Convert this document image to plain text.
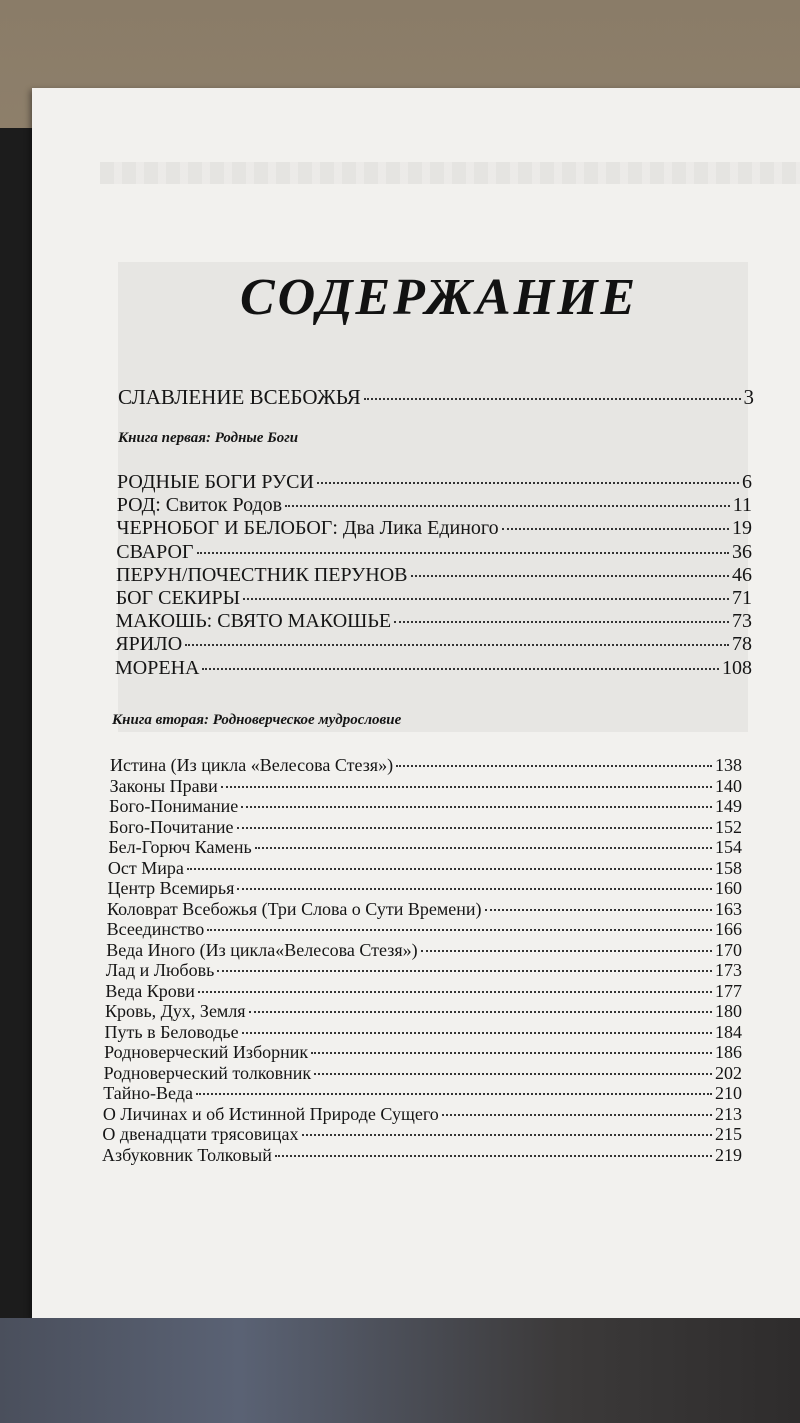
СОДЕРЖАНИЕ
СЛАВЛЕНИЕ ВСЕБОЖЬЯ	3
Книга первая: Родные Боги
РОДНЫЕ БОГИ РУСИ	6
РОД: Свиток Родов	11
ЧЕРНОБОГ И БЕЛОБОГ: Два Лика Единого	19
СВАРОГ	36
ПЕРУН/ПОЧЕСТНИК ПЕРУНОВ	46
БОГ СЕКИРЫ	71
МАКОШЬ: СВЯТО МАКОШЬЕ	73
ЯРИЛО	78
МОРЕНА	108
Книга вторая: Родноверческое мудрословие
Истина (Из цикла «Велесова Стезя»)	138
Законы Прави	140
Бого-Понимание	149
Бого-Почитание	152
Бел-Горюч Камень	154
Ост Мира	158
Центр Всемирья	160
Коловрат Всебожья (Три Слова о Сути Времени)	163
Всеединство	166
Веда Иного (Из цикла«Велесова Стезя»)	170
Лад и Любовь	173
Веда Крови	177
Кровь, Дух, Земля	180
Путь в Беловодье	184
Родноверческий Изборник	186
Родноверческий толковник	202
Тайно-Веда	210
О Личинах и об Истинной Природе Сущего	213
О двенадцати трясовицах	215
Азбуковник Толковый	219
